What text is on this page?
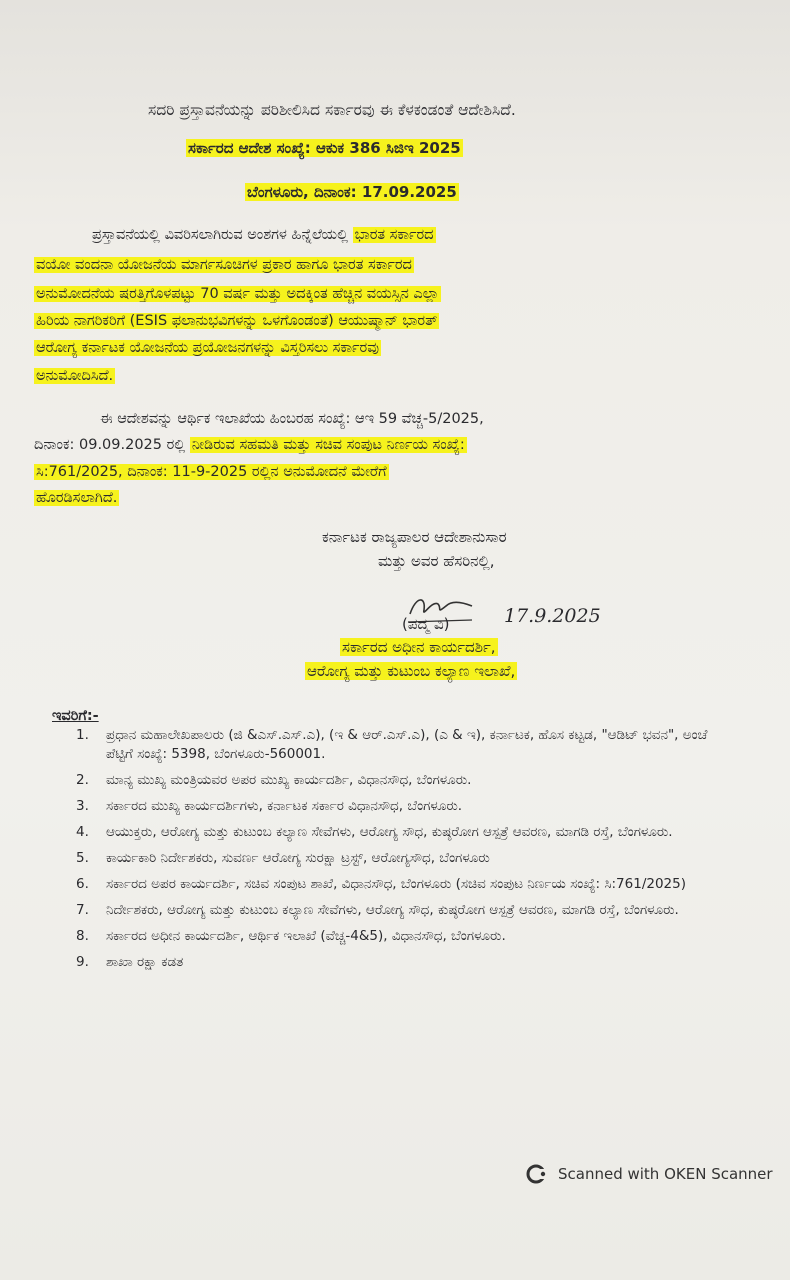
ಸದರಿ ಪ್ರಸ್ತಾವನೆಯನ್ನು ಪರಿಶೀಲಿಸಿದ ಸರ್ಕಾರವು ಈ ಕೆಳಕಂಡಂತೆ ಆದೇಶಿಸಿದೆ.
ಸರ್ಕಾರದ ಆದೇಶ ಸಂಖ್ಯೆ: ಆಕುಕ 386 ಸಿಜಿಇ 2025
ಬೆಂಗಳೂರು, ದಿನಾಂಕ: 17.09.2025
ಪ್ರಸ್ತಾವನೆಯಲ್ಲಿ ವಿವರಿಸಲಾಗಿರುವ ಅಂಶಗಳ ಹಿನ್ನೆಲೆಯಲ್ಲಿ ಭಾರತ ಸರ್ಕಾರದ
ವಯೋ ವಂದನಾ ಯೋಜನೆಯ ಮಾರ್ಗಸೂಚಿಗಳ ಪ್ರಕಾರ ಹಾಗೂ ಭಾರತ ಸರ್ಕಾರದ
ಅನುಮೋದನೆಯ ಷರತ್ತಿಗೊಳಪಟ್ಟು 70 ವರ್ಷ ಮತ್ತು ಅದಕ್ಕಿಂತ ಹೆಚ್ಚಿನ ವಯಸ್ಸಿನ ಎಲ್ಲಾ
ಹಿರಿಯ ನಾಗರಿಕರಿಗೆ (ESIS ಫಲಾನುಭವಿಗಳನ್ನು ಒಳಗೊಂಡಂತೆ) ಆಯುಷ್ಮಾನ್ ಭಾರತ್
ಆರೋಗ್ಯ ಕರ್ನಾಟಕ ಯೋಜನೆಯ ಪ್ರಯೋಜನಗಳನ್ನು ವಿಸ್ತರಿಸಲು ಸರ್ಕಾರವು
ಅನುಮೋದಿಸಿದೆ.
ಈ ಆದೇಶವನ್ನು ಆರ್ಥಿಕ ಇಲಾಖೆಯ ಹಿಂಬರಹ ಸಂಖ್ಯೆ: ಆಇ 59 ವೆಚ್ಚ-5/2025,
ದಿನಾಂಕ: 09.09.2025 ರಲ್ಲಿ ನೀಡಿರುವ ಸಹಮತಿ ಮತ್ತು ಸಚಿವ ಸಂಪುಟ ನಿರ್ಣಯ ಸಂಖ್ಯೆ:
ಸಿ:761/2025, ದಿನಾಂಕ: 11-9-2025 ರಲ್ಲಿನ ಅನುಮೋದನೆ ಮೇರೆಗೆ
ಹೊರಡಿಸಲಾಗಿದೆ.
ಕರ್ನಾಟಕ ರಾಜ್ಯಪಾಲರ ಆದೇಶಾನುಸಾರ
ಮತ್ತು ಅವರ ಹೆಸರಿನಲ್ಲಿ,
(ಪದ್ಮ ವಿ)	17.9.2025
ಸರ್ಕಾರದ ಅಧೀನ ಕಾರ್ಯದರ್ಶಿ,
ಆರೋಗ್ಯ ಮತ್ತು ಕುಟುಂಬ ಕಲ್ಯಾಣ ಇಲಾಖೆ,
ಇವರಿಗೆ:-
1.	ಪ್ರಧಾನ ಮಹಾಲೇಖಪಾಲರು (ಜಿ &ಎಸ್.ಎಸ್.ಎ), (ಇ & ಆರ್.ಎಸ್.ಎ), (ಎ & ಇ), ಕರ್ನಾಟಕ, ಹೊಸ ಕಟ್ಟಡ, "ಆಡಿಟ್ ಭವನ", ಅಂಚೆ ಪೆಟ್ಟಿಗೆ ಸಂಖ್ಯೆ: 5398, ಬೆಂಗಳೂರು-560001.
2.	ಮಾನ್ಯ ಮುಖ್ಯ ಮಂತ್ರಿಯವರ ಅಪರ ಮುಖ್ಯ ಕಾರ್ಯದರ್ಶಿ, ವಿಧಾನಸೌಧ, ಬೆಂಗಳೂರು.
3.	ಸರ್ಕಾರದ ಮುಖ್ಯ ಕಾರ್ಯದರ್ಶಿಗಳು, ಕರ್ನಾಟಕ ಸರ್ಕಾರ ವಿಧಾನಸೌಧ, ಬೆಂಗಳೂರು.
4.	ಆಯುಕ್ತರು, ಆರೋಗ್ಯ ಮತ್ತು ಕುಟುಂಬ ಕಲ್ಯಾಣ ಸೇವೆಗಳು, ಆರೋಗ್ಯ ಸೌಧ, ಕುಷ್ಠರೋಗ ಆಸ್ಪತ್ರೆ ಆವರಣ, ಮಾಗಡಿ ರಸ್ತೆ, ಬೆಂಗಳೂರು.
5.	ಕಾರ್ಯಕಾರಿ ನಿರ್ದೇಶಕರು, ಸುವರ್ಣ ಆರೋಗ್ಯ ಸುರಕ್ಷಾ ಟ್ರಸ್ಟ್, ಆರೋಗ್ಯಸೌಧ, ಬೆಂಗಳೂರು
6.	ಸರ್ಕಾರದ ಅಪರ ಕಾರ್ಯದರ್ಶಿ, ಸಚಿವ ಸಂಪುಟ ಶಾಖೆ, ವಿಧಾನಸೌಧ, ಬೆಂಗಳೂರು (ಸಚಿವ ಸಂಪುಟ ನಿರ್ಣಯ ಸಂಖ್ಯೆ: ಸಿ:761/2025)
7.	ನಿರ್ದೇಶಕರು, ಆರೋಗ್ಯ ಮತ್ತು ಕುಟುಂಬ ಕಲ್ಯಾಣ ಸೇವೆಗಳು, ಆರೋಗ್ಯ ಸೌಧ, ಕುಷ್ಠರೋಗ ಆಸ್ಪತ್ರೆ ಆವರಣ, ಮಾಗಡಿ ರಸ್ತೆ, ಬೆಂಗಳೂರು.
8.	ಸರ್ಕಾರದ ಅಧೀನ ಕಾರ್ಯದರ್ಶಿ, ಆರ್ಥಿಕ ಇಲಾಖೆ (ವೆಚ್ಚ-4&5), ವಿಧಾನಸೌಧ, ಬೆಂಗಳೂರು.
9.	ಶಾಖಾ ರಕ್ಷಾ ಕಡತ
Scanned with OKEN Scanner
